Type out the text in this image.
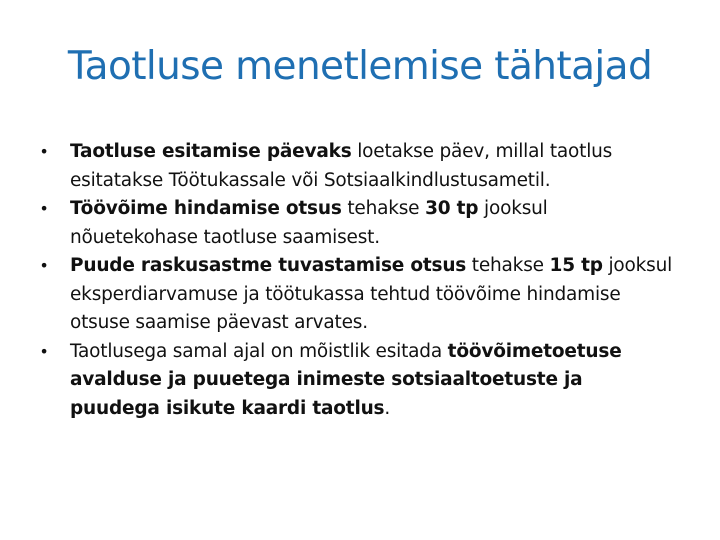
Taotluse menetlemise tähtajad
• Taotluse esitamise päevaks loetakse päev, millal taotlus esitatakse Töötukassale või Sotsiaalkindlustusametil.
• Töövõime hindamise otsus tehakse 30 tp jooksul nõuetekohase taotluse saamisest.
• Puude raskusastme tuvastamise otsus tehakse 15 tp jooksul eksperdiarvamuse ja töötukassa tehtud töövõime hindamise otsuse saamise päevast arvates.
• Taotlusega samal ajal on mõistlik esitada töövõimetoetuse avalduse ja puuetega inimeste sotsiaaltoetuste ja puudega isikute kaardi taotlus.
